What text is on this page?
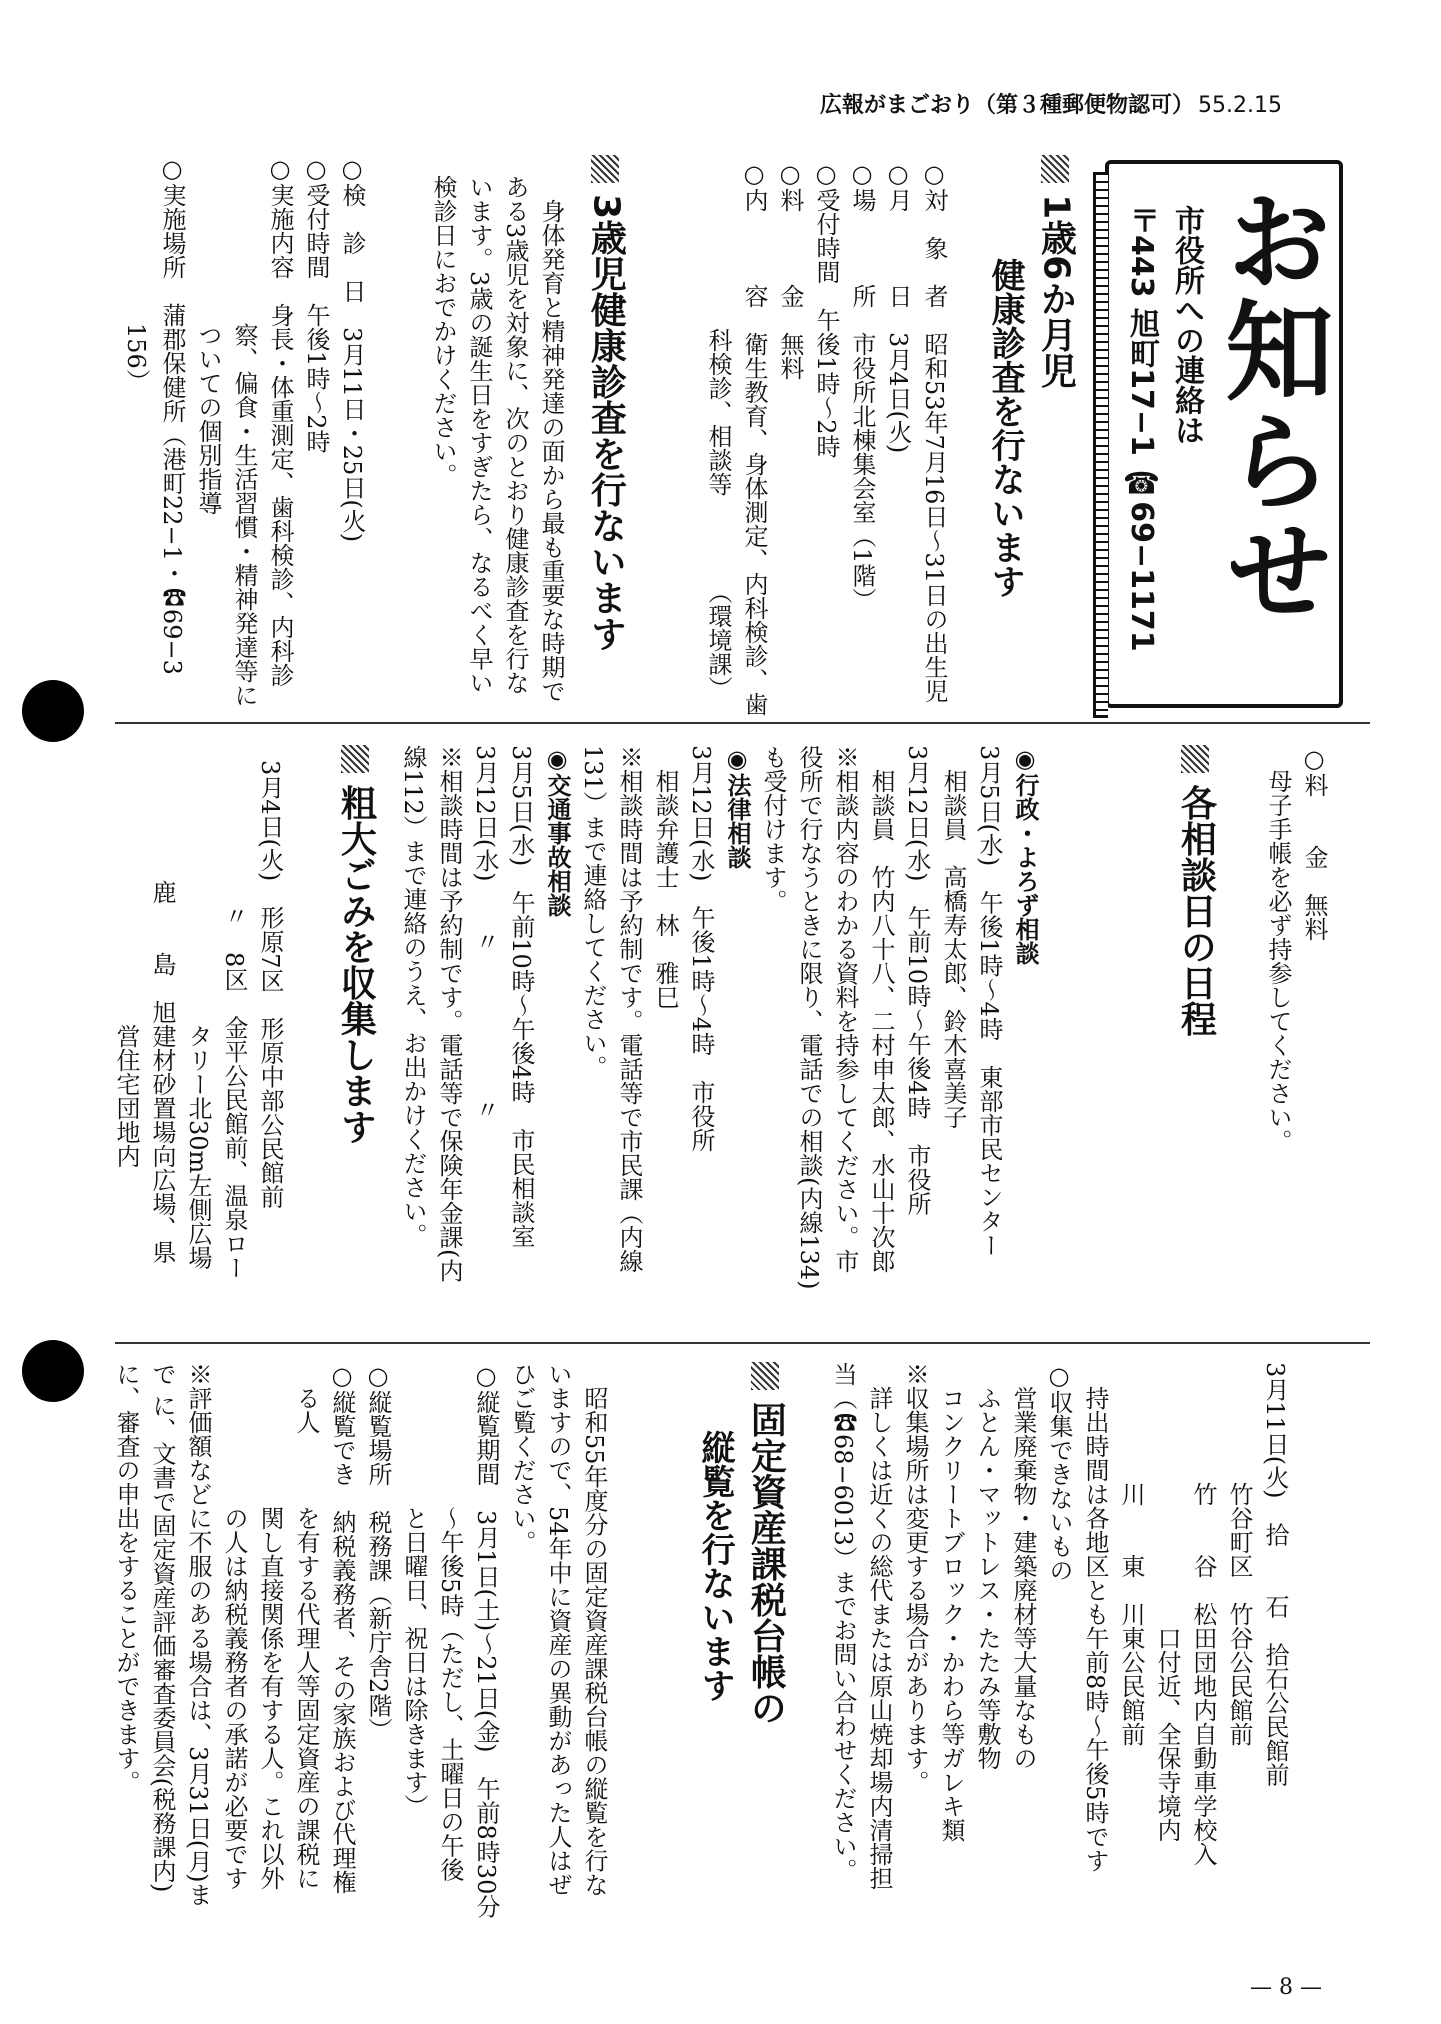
広報がまごおり（第３種郵便物認可） 55.2.15
お知らせ
市役所への連絡は
〒443 旭町17−1 ☎69−1171
1歳6か月児
健康診査を行ないます
○対　象　者　昭和53年7月16日〜31日の出生児
○月　　　日　3月4日(火)
○場　　　所　市役所北棟集会室（1階）
○受付時間　午後1時〜2時
○料　　　金　無料
○内　　　容　衛生教育、身体測定、内科検診、歯
　　　　　　　科検診、相談等　　　　（環境課）
3歳児健康診査を行ないます
　身体発育と精神発達の面から最も重要な時期で
ある3歳児を対象に、次のとおり健康診査を行な
います。3歳の誕生日をすぎたら、なるべく早い
検診日におでかけください。
○検　診　日　3月11日・25日(火)
○受付時間　午後1時〜2時
○実施内容　身長・体重測定、歯科検診、内科診
　　　　　　　察、偏食・生活習慣・精神発達等に
　　　　　　　ついての個別指導
○実施場所　蒲郡保健所（港町22−1・☎69−3
　　　　　　　156）
○料　　金　無料
　母子手帳を必ず持参してください。
各相談日の日程
◉行政・よろず相談
3月5日(水)　午後1時〜4時　東部市民センター
　相談員　高橋寿太郎、鈴木喜美子
3月12日(水)　午前10時〜午後4時　市役所
　相談員　竹内八十八、二村申太郎、水山十次郎
※相談内容のわかる資料を持参してください。市
役所で行なうときに限り、電話での相談(内線134)
も受付けます。
◉法律相談
3月12日(水)　午後1時〜4時　市役所
　相談弁護士　林　雅巳
※相談時間は予約制です。電話等で市民課（内線
131）まで連絡してください。
◉交通事故相談
3月5日(水)　午前10時〜午後4時　市民相談室
3月12日(水)　　〃　　　　　　〃
※相談時間は予約制です。電話等で保険年金課(内
線112）まで連絡のうえ、お出かけください。
粗大ごみを収集します
3月4日(火)　形原7区　形原中部公民館前
　　　　　　〃　8区　金平公民館前、温泉ロー
　　　　　　　　　　　タリー北30m左側広場
　　　　　鹿　　島　旭建材砂置場向広場、県
　　　　　　　　　　　営住宅団地内
3月11日(火)　拾　　石　拾石公民館前
　　　　　竹谷町区　竹谷公民館前
　　　　　竹　　谷　松田団地内自動車学校入
　　　　　　　　　　　口付近、全保寺境内
　　　　　川　　東　川東公民館前
　持出時間は各地区とも午前8時〜午後5時です
○収集できないもの
　営業廃棄物・建築廃材等大量なもの
　ふとん・マットレス・たたみ等敷物
　コンクリートブロック・かわら等ガレキ類
※収集場所は変更する場合があります。
　詳しくは近くの総代または原山焼却場内清掃担
当（☎68−6013）までお問い合わせください。
固定資産課税台帳の
縦覧を行ないます
　昭和55年度分の固定資産課税台帳の縦覧を行な
いますので、54年中に資産の異動があった人はぜ
ひご覧ください。
○縦覧期間　3月1日(土)〜21日(金)　午前8時30分
　　　　　　〜午後5時（ただし、土曜日の午後
　　　　　　と日曜日、祝日は除きます）
○縦覧場所　税務課（新庁舎2階）
○縦覧でき　納税義務者、その家族および代理権
　る人　　　を有する代理人等固定資産の課税に
　　　　　　関し直接関係を有する人。これ以外
　　　　　　の人は納税義務者の承諾が必要です
※評価額などに不服のある場合は、3月31日(月)ま
で に、文書で固定資産評価審査委員会(税務課内)
に、審査の申出をすることができます。
— 8 —
